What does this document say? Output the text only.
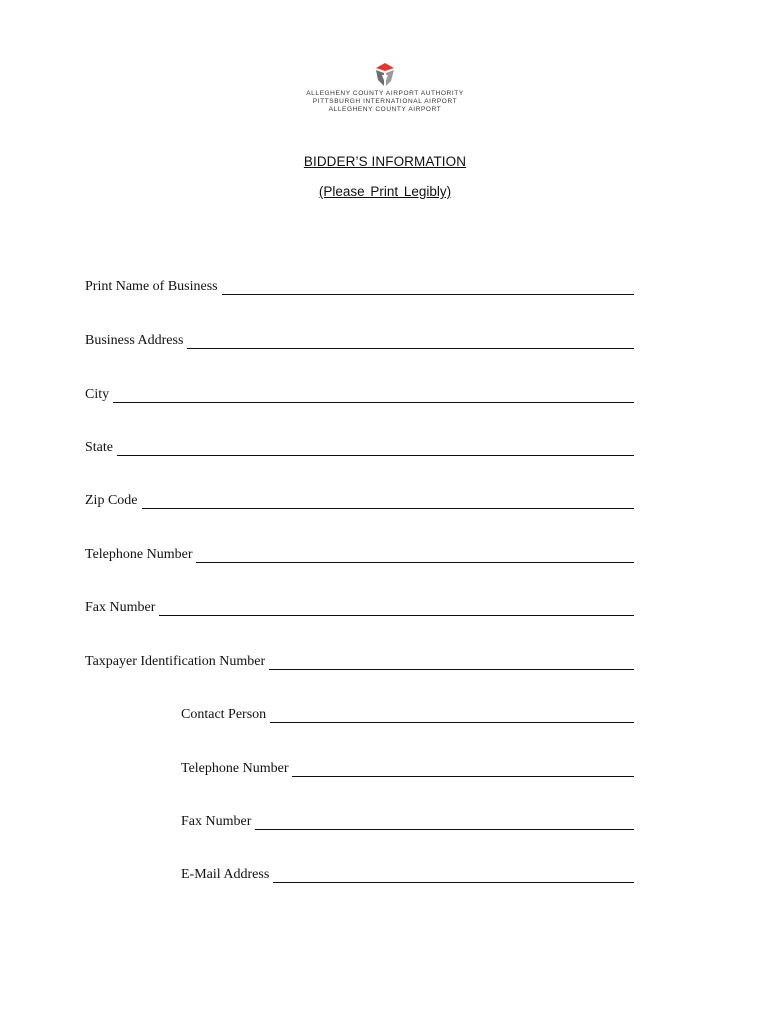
ALLEGHENY COUNTY AIRPORT AUTHORITY
PITTSBURGH INTERNATIONAL AIRPORT
ALLEGHENY COUNTY AIRPORT
BIDDER’S INFORMATION
(Please Print Legibly)
Print Name of Business
Business Address
City
State
Zip Code
Telephone Number
Fax Number
Taxpayer Identification Number
Contact Person
Telephone Number
Fax Number
E-Mail Address
